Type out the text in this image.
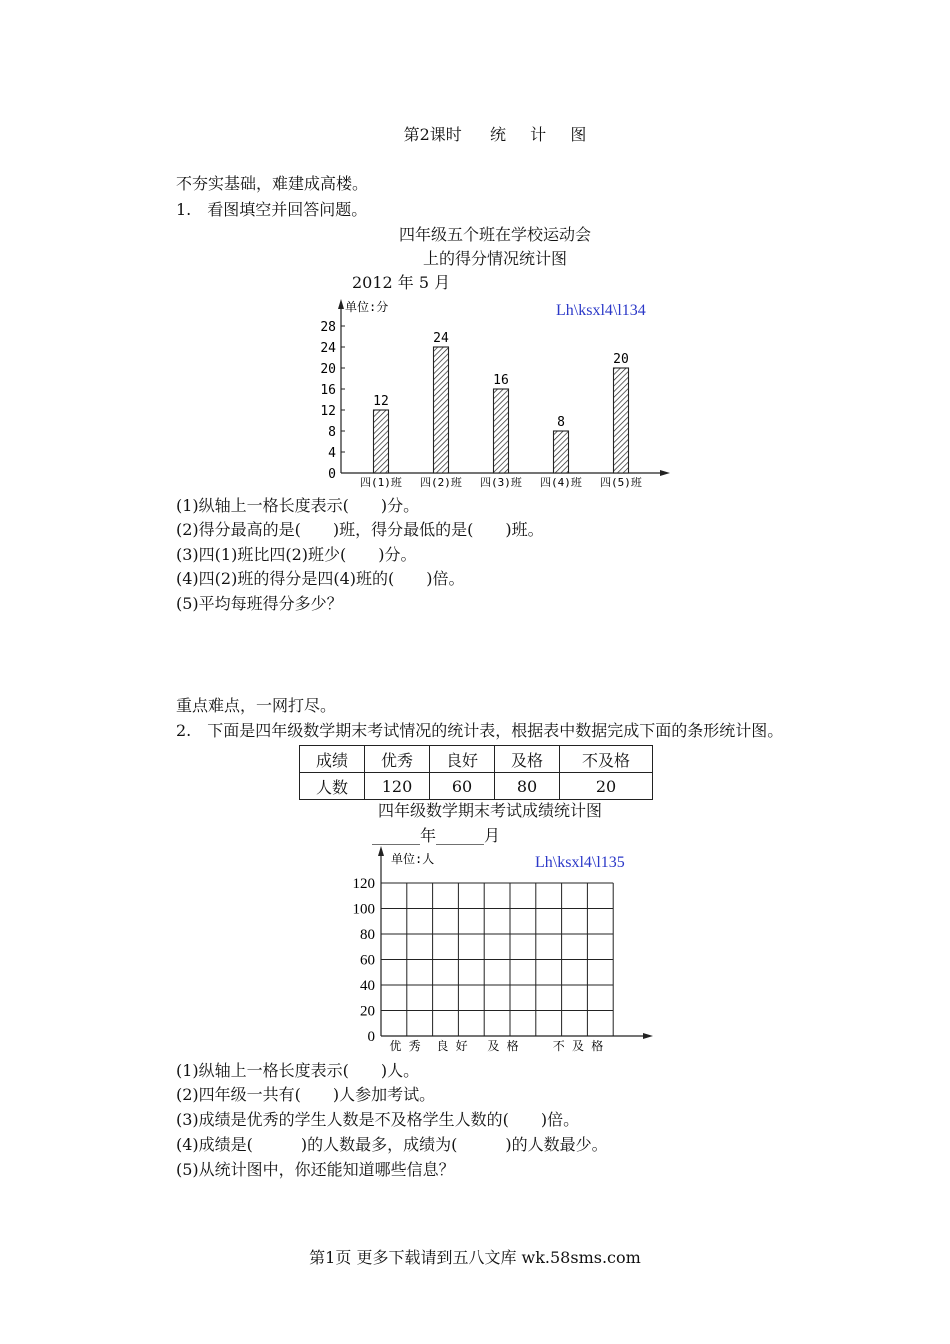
第2课时 统 计 图
不夯实基础，难建成高楼。
1.　看图填空并回答问题。
四年级五个班在学校运动会
上的得分情况统计图
2012 年 5 月
单位:分	Lh\ksxl4\l134
0
4
8
12
16
20
24
28
12
四(1)班
24
四(2)班
16
四(3)班
8
四(4)班
20
四(5)班
(1)纵轴上一格长度表示(　　)分。
(2)得分最高的是(　　)班，得分最低的是(　　)班。
(3)四(1)班比四(2)班少(　　)分。
(4)四(2)班的得分是四(4)班的(　　)倍。
(5)平均每班得分多少？
重点难点，一网打尽。
2.　下面是四年级数学期末考试情况的统计表，根据表中数据完成下面的条形统计图。
成绩	优秀	良好	及格	不及格
人数	120	60	80	20
四年级数学期末考试成绩统计图
______年______月
0
20
40
60
80
100
120
单位:人	Lh\ksxl4\l135
优 秀 良 好 及 格	不 及 格
(1)纵轴上一格长度表示(　　)人。
(2)四年级一共有(　　)人参加考试。
(3)成绩是优秀的学生人数是不及格学生人数的(　　)倍。
(4)成绩是(　　　)的人数最多，成绩为(　　　)的人数最少。
(5)从统计图中，你还能知道哪些信息？
第1页 更多下载请到五八文库 wk.58sms.com
